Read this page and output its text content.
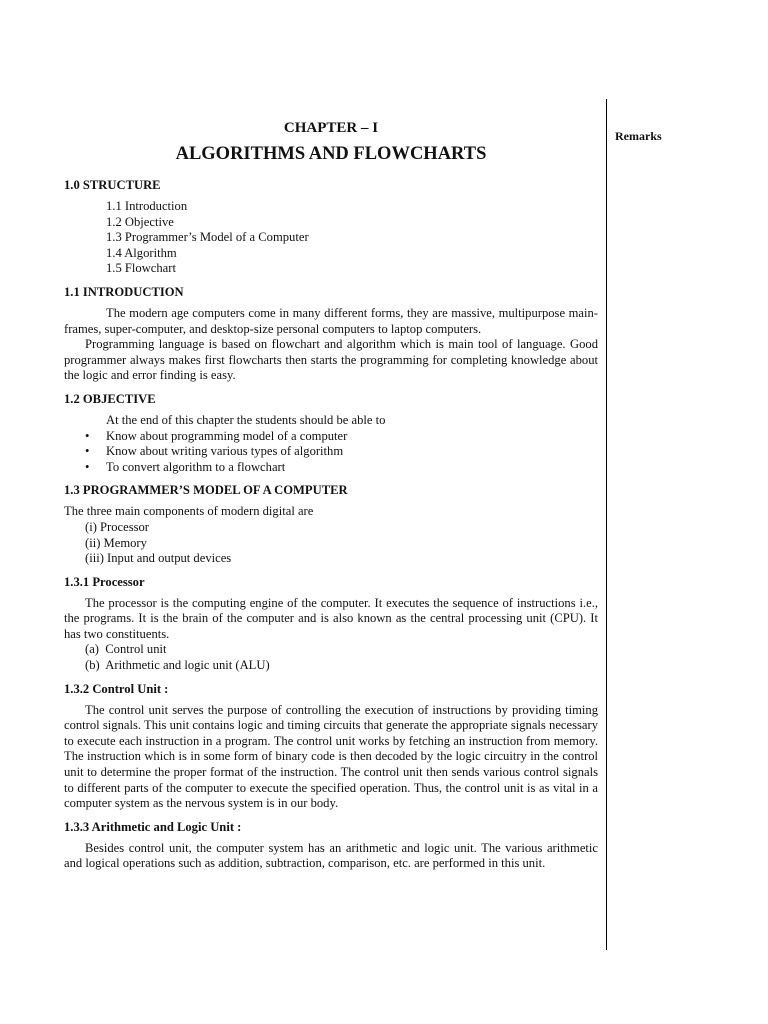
Remarks
CHAPTER – I
ALGORITHMS AND FLOWCHARTS
1.0 STRUCTURE
1.1 Introduction
1.2 Objective
1.3 Programmer’s Model of a Computer
1.4 Algorithm
1.5 Flowchart
1.1 INTRODUCTION

The modern age computers come in many different forms, they are massive, multipurpose main-frames, super-computer, and desktop-size personal computers to laptop computers.

Programming language is based on flowchart and algorithm which is main tool of language. Good programmer always makes first flowcharts then starts the programming for completing knowledge about the logic and error finding is easy.

1.2 OBJECTIVE

At the end of this chapter the students should be able to

• Know about programming model of a computer
• Know about writing various types of algorithm
• To convert algorithm to a flowchart
1.3 PROGRAMMER’S MODEL OF A COMPUTER

The three main components of modern digital are

(i) Processor
(ii) Memory
(iii) Input and output devices
1.3.1 Processor

The processor is the computing engine of the computer. It executes the sequence of instructions i.e., the programs. It is the brain of the computer and is also known as the central processing unit (CPU). It has two constituents.

(a)  Control unit
(b)  Arithmetic and logic unit (ALU)
1.3.2 Control Unit :

The control unit serves the purpose of controlling the execution of instructions by providing timing control signals. This unit contains logic and timing circuits that generate the appropriate signals necessary to execute each instruction in a program. The control unit works by fetching an instruction from memory. The instruction which is in some form of binary code is then decoded by the logic circuitry in the control unit to determine the proper format of the instruction. The control unit then sends various control signals to different parts of the computer to execute the specified operation. Thus, the control unit is as vital in a computer system as the nervous system is in our body.

1.3.3 Arithmetic and Logic Unit :

Besides control unit, the computer system has an arithmetic and logic unit. The various arithmetic and logical operations such as addition, subtraction, comparison, etc. are performed in this unit.
